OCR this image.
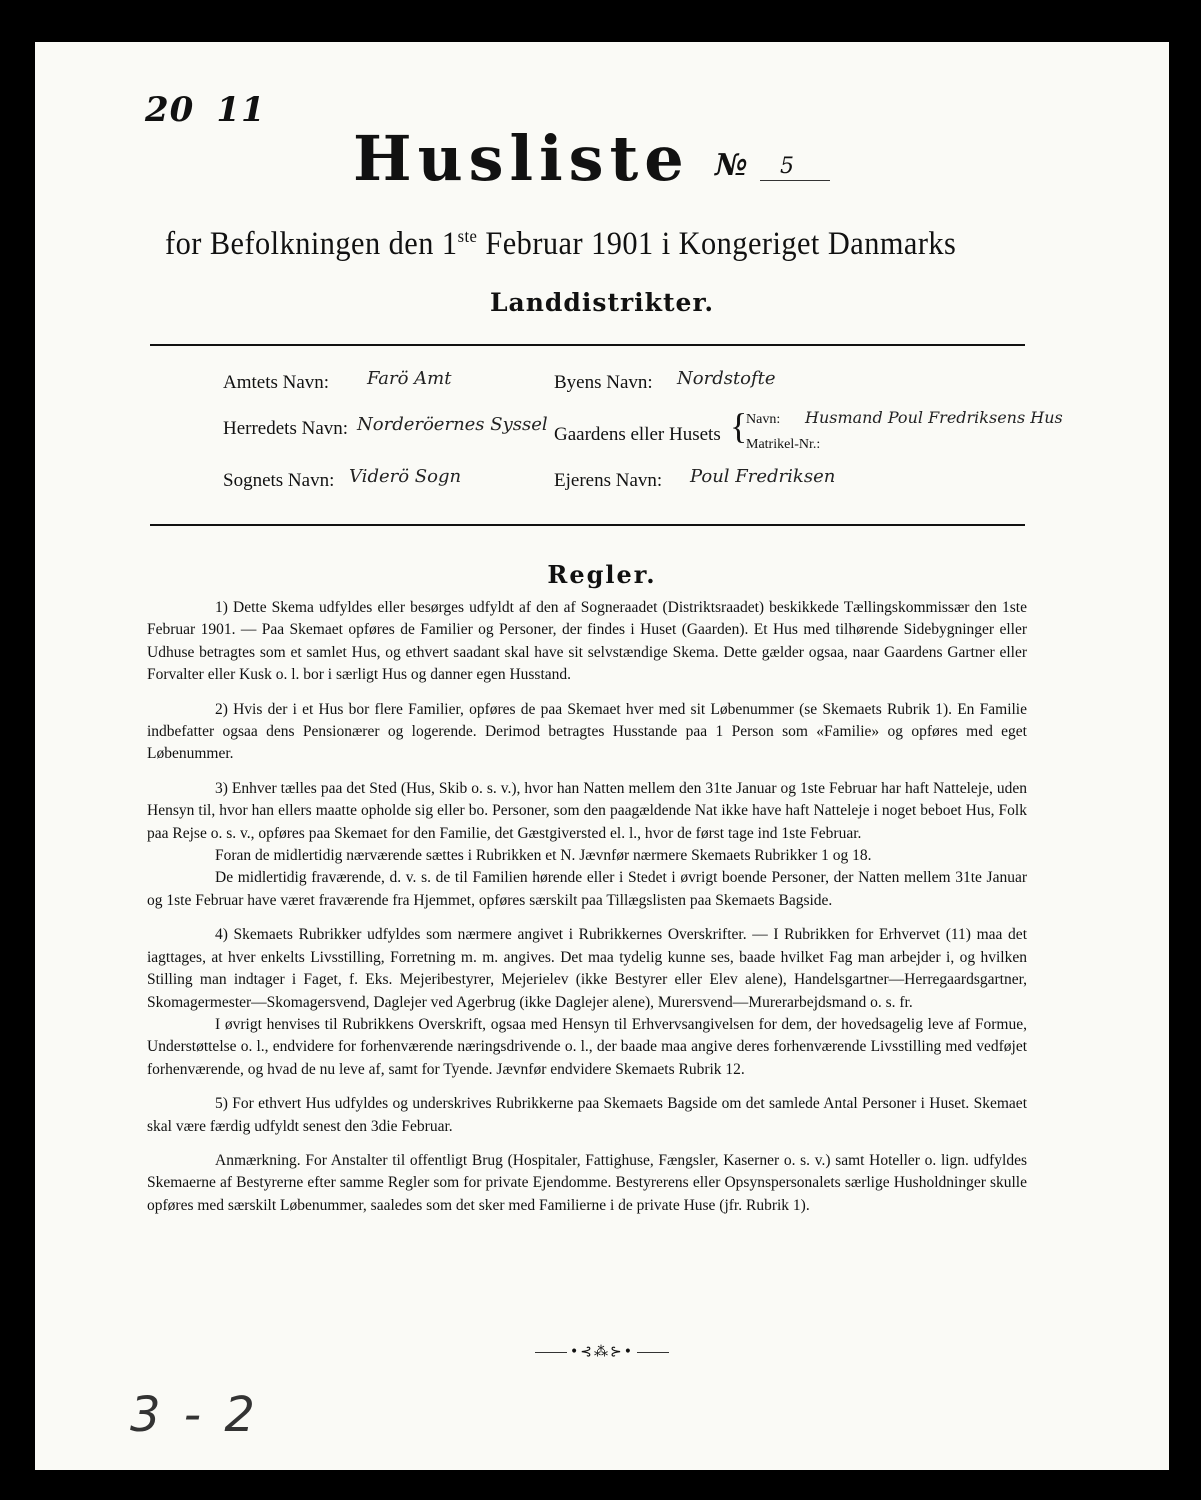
20 11
Husliste № 5
for Befolkningen den 1ste Februar 1901 i Kongeriget Danmarks
Landdistrikter.
Amtets Navn: Farö Amt
Herredets Navn: Norderöernes Syssel
Sognets Navn: Viderö Sogn
Byens Navn: Nordstofte
Gaardens eller Husets {
Navn: Husmand Poul Fredriksens Hus
Matrikel-Nr.:
Ejerens Navn: Poul Fredriksen
Regler.

1) Dette Skema udfyldes eller besørges udfyldt af den af Sogneraadet (Distriktsraadet) beskikkede Tællingskommissær den 1ste Februar 1901. — Paa Skemaet opføres de Familier og Personer, der findes i Huset (Gaarden). Et Hus med tilhørende Sidebygninger eller Udhuse betragtes som et samlet Hus, og ethvert saadant skal have sit selvstændige Skema. Dette gælder ogsaa, naar Gaardens Gartner eller Forvalter eller Kusk o. l. bor i særligt Hus og danner egen Husstand.

2) Hvis der i et Hus bor flere Familier, opføres de paa Skemaet hver med sit Løbenummer (se Skemaets Rubrik 1). En Familie indbefatter ogsaa dens Pensionærer og logerende. Derimod betragtes Husstande paa 1 Person som «Familie» og opføres med eget Løbenummer.

3) Enhver tælles paa det Sted (Hus, Skib o. s. v.), hvor han Natten mellem den 31te Januar og 1ste Februar har haft Natteleje, uden Hensyn til, hvor han ellers maatte opholde sig eller bo. Personer, som den paagældende Nat ikke have haft Natteleje i noget beboet Hus, Folk paa Rejse o. s. v., opføres paa Skemaet for den Familie, det Gæstgiversted el. l., hvor de først tage ind 1ste Februar.

Foran de midlertidig nærværende sættes i Rubrikken et N. Jævnfør nærmere Skemaets Rubrikker 1 og 18.

De midlertidig fraværende, d. v. s. de til Familien hørende eller i Stedet i øvrigt boende Personer, der Natten mellem 31te Januar og 1ste Februar have været fraværende fra Hjemmet, opføres særskilt paa Tillægslisten paa Skemaets Bagside.

4) Skemaets Rubrikker udfyldes som nærmere angivet i Rubrikkernes Overskrifter. — I Rubrikken for Erhvervet (11) maa det iagttages, at hver enkelts Livsstilling, Forretning m. m. angives. Det maa tydelig kunne ses, baade hvilket Fag man arbejder i, og hvilken Stilling man indtager i Faget, f. Eks. Mejeribestyrer, Mejerielev (ikke Bestyrer eller Elev alene), Handelsgartner—Herregaardsgartner, Skomagermester—Skomagersvend, Daglejer ved Agerbrug (ikke Daglejer alene), Murersvend—Murerarbejdsmand o. s. fr.

I øvrigt henvises til Rubrikkens Overskrift, ogsaa med Hensyn til Erhvervsangivelsen for dem, der hovedsagelig leve af Formue, Understøttelse o. l., endvidere for forhenværende næringsdrivende o. l., der baade maa angive deres forhenværende Livsstilling med vedføjet forhenværende, og hvad de nu leve af, samt for Tyende. Jævnfør endvidere Skemaets Rubrik 12.

5) For ethvert Hus udfyldes og underskrives Rubrikkerne paa Skemaets Bagside om det samlede Antal Personer i Huset. Skemaet skal være færdig udfyldt senest den 3die Februar.

Anmærkning. For Anstalter til offentligt Brug (Hospitaler, Fattighuse, Fængsler, Kaserner o. s. v.) samt Hoteller o. lign. udfyldes Skemaerne af Bestyrerne efter samme Regler som for private Ejendomme. Bestyrerens eller Opsynspersonalets særlige Husholdninger skulle opføres med særskilt Løbenummer, saaledes som det sker med Familierne i de private Huse (jfr. Rubrik 1).

•⊰⁂⊱•
3 - 2
